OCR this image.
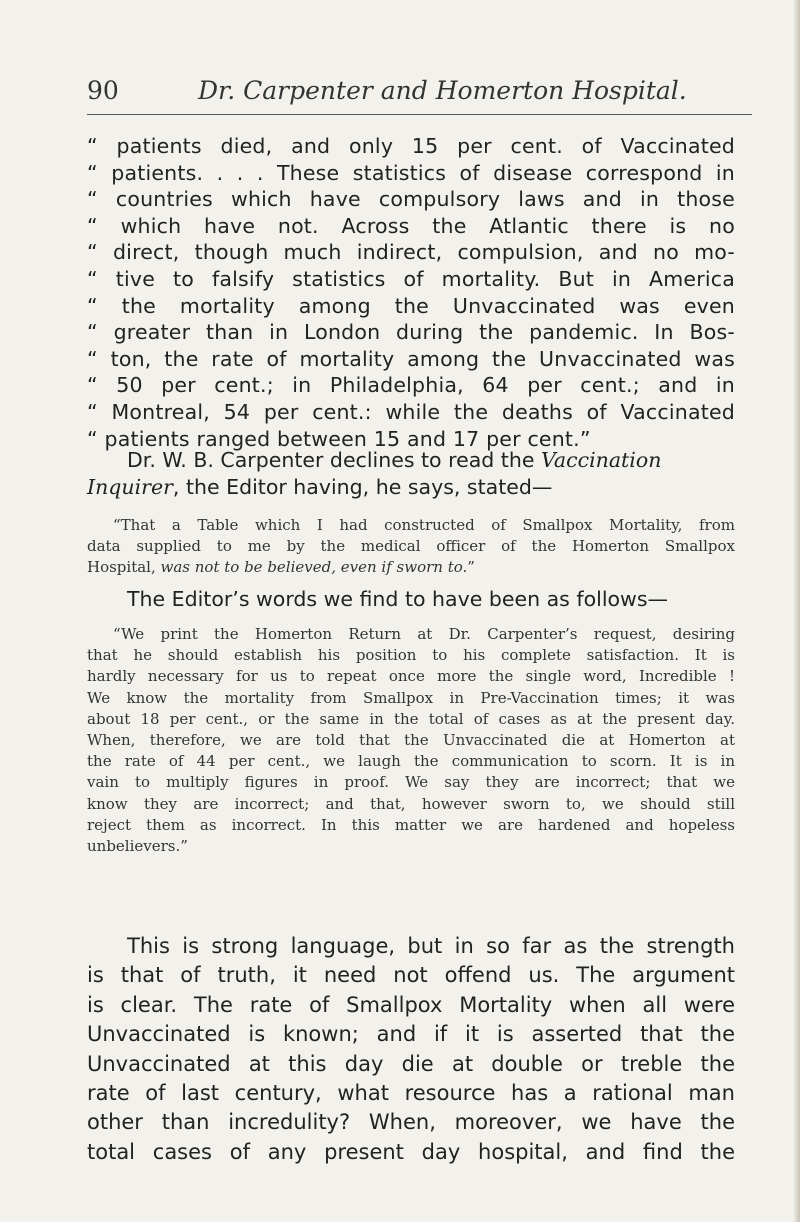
90	Dr. Carpenter and Homerton Hospital.
“ patients died, and only 15 per cent. of Vaccinated
“ patients. . . . These statistics of disease correspond in
“ countries which have compulsory laws and in those
“ which have not. Across the Atlantic there is no
“ direct, though much indirect, compulsion, and no mo-
“ tive to falsify statistics of mortality. But in America
“ the mortality among the Unvaccinated was even
“ greater than in London during the pandemic. In Bos-
“ ton, the rate of mortality among the Unvaccinated was
“ 50 per cent.; in Philadelphia, 64 per cent.; and in
“ Montreal, 54 per cent.: while the deaths of Vaccinated
“ patients ranged between 15 and 17 per cent.”
Dr. W. B. Carpenter declines to read the Vaccination
Inquirer, the Editor having, he says, stated—
“That a Table which I had constructed of Smallpox Mortality, from
data supplied to me by the medical officer of the Homerton Smallpox
Hospital, was not to be believed, even if sworn to.”
The Editor’s words we find to have been as follows—
“We print the Homerton Return at Dr. Carpenter’s request, desiring
that he should establish his position to his complete satisfaction. It is
hardly necessary for us to repeat once more the single word, Incredible !
We know the mortality from Smallpox in Pre-Vaccination times; it was
about 18 per cent., or the same in the total of cases as at the present day.
When, therefore, we are told that the Unvaccinated die at Homerton at
the rate of 44 per cent., we laugh the communication to scorn. It is in
vain to multiply figures in proof. We say they are incorrect; that we
know they are incorrect; and that, however sworn to, we should still
reject them as incorrect. In this matter we are hardened and hopeless
unbelievers.”
This is strong language, but in so far as the strength
is that of truth, it need not offend us. The argument
is clear. The rate of Smallpox Mortality when all were
Unvaccinated is known; and if it is asserted that the
Unvaccinated at this day die at double or treble the
rate of last century, what resource has a rational man
other than incredulity? When, moreover, we have the
total cases of any present day hospital, and find the
